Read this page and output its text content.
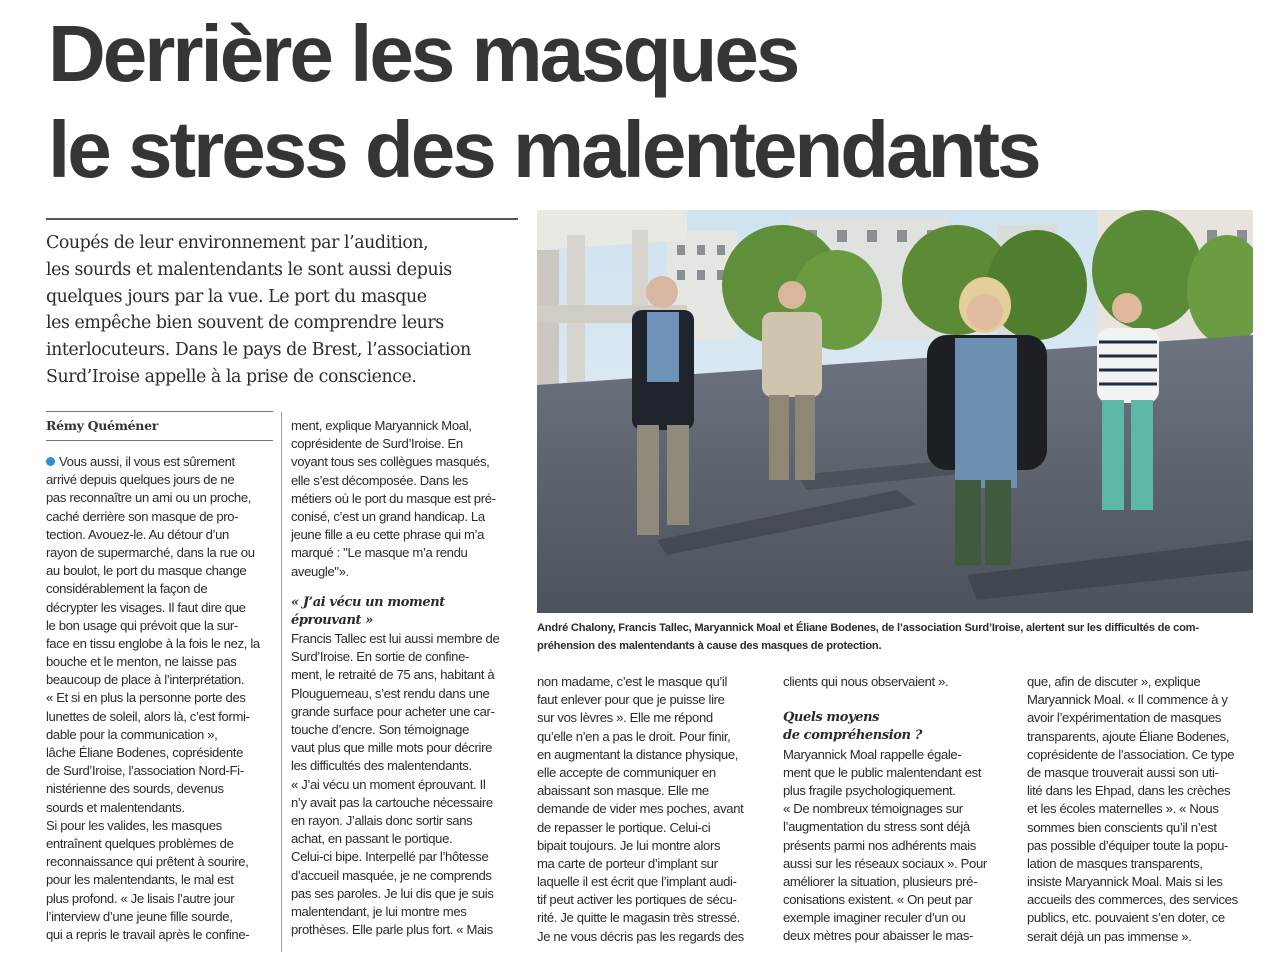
Derrière les masques
le stress des malentendants
Coupés de leur environnement par l’audition,
les sourds et malentendants le sont aussi depuis
quelques jours par la vue. Le port du masque
les empêche bien souvent de comprendre leurs
interlocuteurs. Dans le pays de Brest, l’association
Surd’Iroise appelle à la prise de conscience.
André Chalony, Francis Tallec, Maryannick Moal et Éliane Bodenes, de l’association Surd’Iroise, alertent sur les difficultés de com-
préhension des malentendants à cause des masques de protection.
Rémy Quéméner
Vous aussi, il vous est sûrement
arrivé depuis quelques jours de ne
pas reconnaître un ami ou un proche,
caché derrière son masque de pro-
tection. Avouez-le. Au détour d’un
rayon de supermarché, dans la rue ou
au boulot, le port du masque change
considérablement la façon de
décrypter les visages. Il faut dire que
le bon usage qui prévoit que la sur-
face en tissu englobe à la fois le nez, la
bouche et le menton, ne laisse pas
beaucoup de place à l’interprétation.
« Et si en plus la personne porte des
lunettes de soleil, alors là, c’est formi-
dable pour la communication »,
lâche Éliane Bodenes, coprésidente
de Surd’Iroise, l’association Nord-Fi-
nistérienne des sourds, devenus
sourds et malentendants.
Si pour les valides, les masques
entraînent quelques problèmes de
reconnaissance qui prêtent à sourire,
pour les malentendants, le mal est
plus profond. « Je lisais l’autre jour
l’interview d’une jeune fille sourde,
qui a repris le travail après le confine-
ment, explique Maryannick Moal,
coprésidente de Surd’Iroise. En
voyant tous ses collègues masqués,
elle s’est décomposée. Dans les
métiers où le port du masque est pré-
conisé, c’est un grand handicap. La
jeune fille a eu cette phrase qui m’a
marqué : "Le masque m’a rendu
aveugle"».
« J’ai vécu un moment
éprouvant »
Francis Tallec est lui aussi membre de
Surd’Iroise. En sortie de confine-
ment, le retraité de 75 ans, habitant à
Plouguerneau, s’est rendu dans une
grande surface pour acheter une car-
touche d’encre. Son témoignage
vaut plus que mille mots pour décrire
les difficultés des malentendants.
« J’ai vécu un moment éprouvant. Il
n’y avait pas la cartouche nécessaire
en rayon. J’allais donc sortir sans
achat, en passant le portique.
Celui-ci bipe. Interpellé par l’hôtesse
d’accueil masquée, je ne comprends
pas ses paroles. Je lui dis que je suis
malentendant, je lui montre mes
prothèses. Elle parle plus fort. « Mais
non madame, c’est le masque qu’il
faut enlever pour que je puisse lire
sur vos lèvres ». Elle me répond
qu’elle n’en a pas le droit. Pour finir,
en augmentant la distance physique,
elle accepte de communiquer en
abaissant son masque. Elle me
demande de vider mes poches, avant
de repasser le portique. Celui-ci
bipait toujours. Je lui montre alors
ma carte de porteur d’implant sur
laquelle il est écrit que l’implant audi-
tif peut activer les portiques de sécu-
rité. Je quitte le magasin très stressé.
Je ne vous décris pas les regards des
clients qui nous observaient ».
Quels moyens
de compréhension ?
Maryannick Moal rappelle égale-
ment que le public malentendant est
plus fragile psychologiquement.
« De nombreux témoignages sur
l’augmentation du stress sont déjà
présents parmi nos adhérents mais
aussi sur les réseaux sociaux ». Pour
améliorer la situation, plusieurs pré-
conisations existent. « On peut par
exemple imaginer reculer d’un ou
deux mètres pour abaisser le mas-
que, afin de discuter », explique
Maryannick Moal. « Il commence à y
avoir l’expérimentation de masques
transparents, ajoute Éliane Bodenes,
coprésidente de l’association. Ce type
de masque trouverait aussi son uti-
lité dans les Ehpad, dans les crèches
et les écoles maternelles ». « Nous
sommes bien conscients qu’il n’est
pas possible d’équiper toute la popu-
lation de masques transparents,
insiste Maryannick Moal. Mais si les
accueils des commerces, des services
publics, etc. pouvaient s’en doter, ce
serait déjà un pas immense ».
